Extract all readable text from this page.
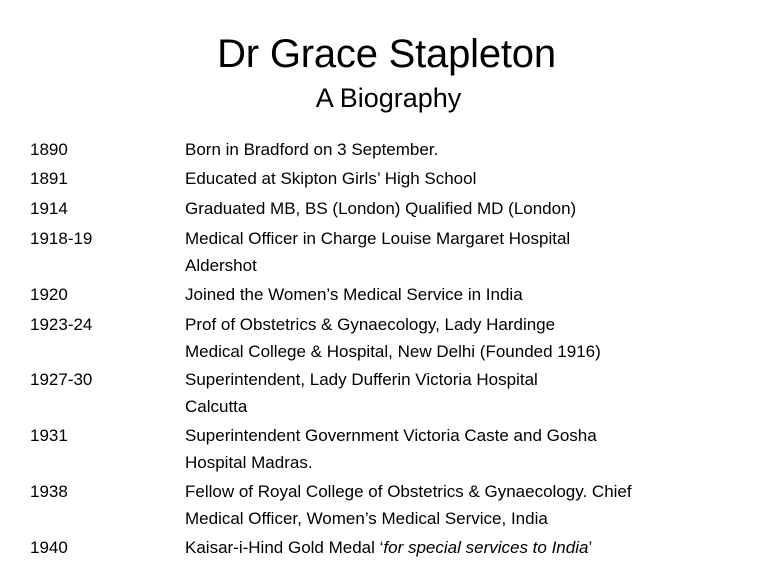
Dr Grace Stapleton
A Biography
1890	Born in Bradford on 3 September.
1891	Educated at Skipton Girls’ High School
1914	Graduated MB, BS (London) Qualified MD (London)
1918-19	Medical Officer in Charge Louise Margaret Hospital
Aldershot
1920	Joined the Women’s Medical Service in India
1923-24	Prof of Obstetrics & Gynaecology, Lady Hardinge
Medical College & Hospital, New Delhi (Founded 1916)
1927-30	Superintendent, Lady Dufferin Victoria Hospital
Calcutta
1931	Superintendent Government Victoria Caste and Gosha
Hospital Madras.
1938	Fellow of Royal College of Obstetrics & Gynaecology. Chief
Medical Officer, Women’s Medical Service, India
1940	Kaisar-i-Hind Gold Medal ‘for special services to India’
